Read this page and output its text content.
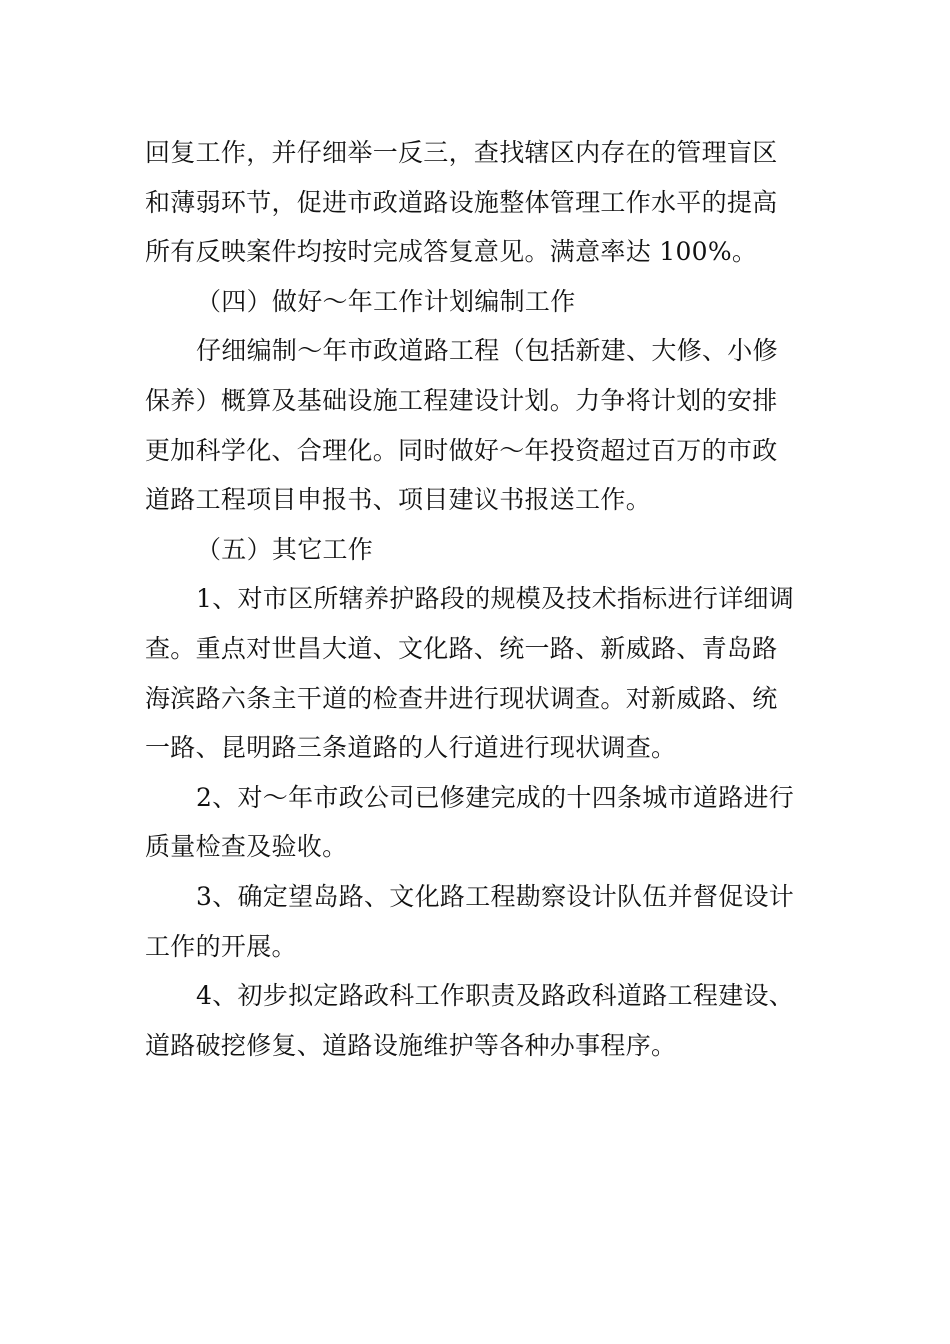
回复工作，并仔细举一反三，查找辖区内存在的管理盲区
和薄弱环节，促进市政道路设施整体管理工作水平的提高
所有反映案件均按时完成答复意见。满意率达 100%。
（四）做好～年工作计划编制工作
仔细编制～年市政道路工程（包括新建、大修、小修
保养）概算及基础设施工程建设计划。力争将计划的安排
更加科学化、合理化。同时做好～年投资超过百万的市政
道路工程项目申报书、项目建议书报送工作。
（五）其它工作
1、对市区所辖养护路段的规模及技术指标进行详细调
查。重点对世昌大道、文化路、统一路、新威路、青岛路
海滨路六条主干道的检查井进行现状调查。对新威路、统
一路、昆明路三条道路的人行道进行现状调查。
2、对～年市政公司已修建完成的十四条城市道路进行
质量检查及验收。
3、确定望岛路、文化路工程勘察设计队伍并督促设计
工作的开展。
4、初步拟定路政科工作职责及路政科道路工程建设、
道路破挖修复、道路设施维护等各种办事程序。
